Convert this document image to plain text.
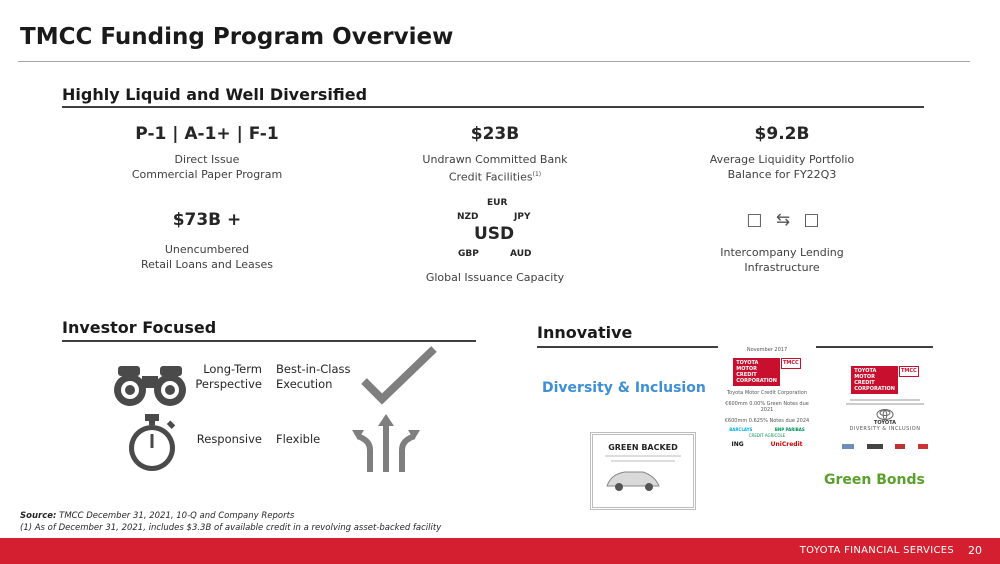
TMCC Funding Program Overview
Highly Liquid and Well Diversified
P-1 | A-1+ | F-1
Direct Issue
Commercial Paper Program
$23B
Undrawn Committed Bank
Credit Facilities$^{(1)}$
$9.2B
Average Liquidity Portfolio
Balance for FY22Q3
$73B +
Unencumbered
Retail Loans and Leases
EUR
NZD	JPY
USD
GBP	AUD
Global Issuance Capacity
□ ⇆ □
Intercompany Lending
Infrastructure
Investor Focused
Long-Term
Perspective
Best-in-Class
Execution
Responsive Flexible
Innovative
Diversity & Inclusion
Green Bonds
GREEN BACKED
November 2017
TOYOTA
MOTOR
CREDIT
CORPORATION
TMCC
Toyota Motor Credit Corporation
€600mm 0.00% Green Notes due 2021
€600mm 0.625% Notes due 2024
BARCLAYS	BNP PARIBAS
CREDIT AGRICOLE
ING	UniCredit
TOYOTA
MOTOR
CREDIT
CORPORATION
TMCC
TOYOTA
DIVERSITY & INCLUSION
Source: TMCC December 31, 2021, 10-Q and Company Reports
(1) As of December 31, 2021, includes $3.3B of available credit in a revolving asset-backed facility
TOYOTA FINANCIAL SERVICES 20
